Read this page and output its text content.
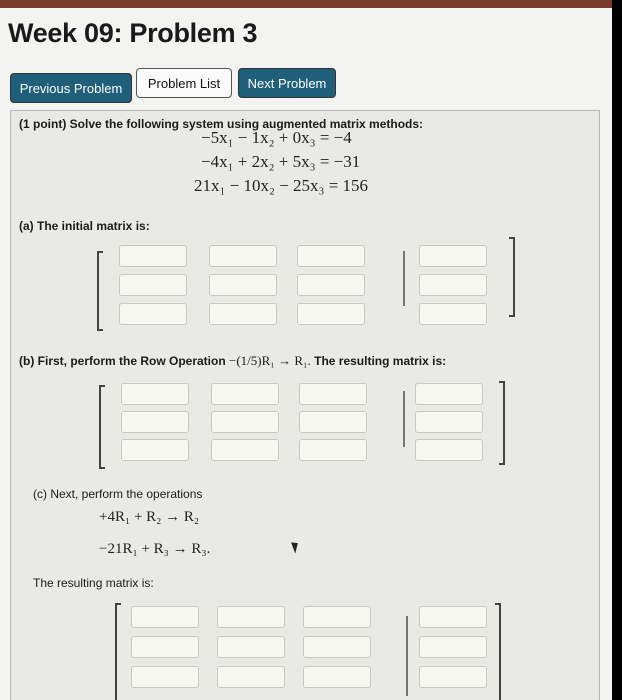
Week 09: Problem 3
Previous Problem	Problem List	Next Problem
(1 point) Solve the following system using augmented matrix methods:
−5x₁ − 1x₂ + 0x₃ = −4
−4x₁ + 2x₂ + 5x₃ = −31
21x₁ − 10x₂ − 25x₃ = 156
(a) The initial matrix is:
(b) First, perform the Row Operation −(1/5)R₁ → R₁. The resulting matrix is:
(c) Next, perform the operations
+4R₁ + R₂ → R₂
−21R₁ + R₃ → R₃.
The resulting matrix is:
